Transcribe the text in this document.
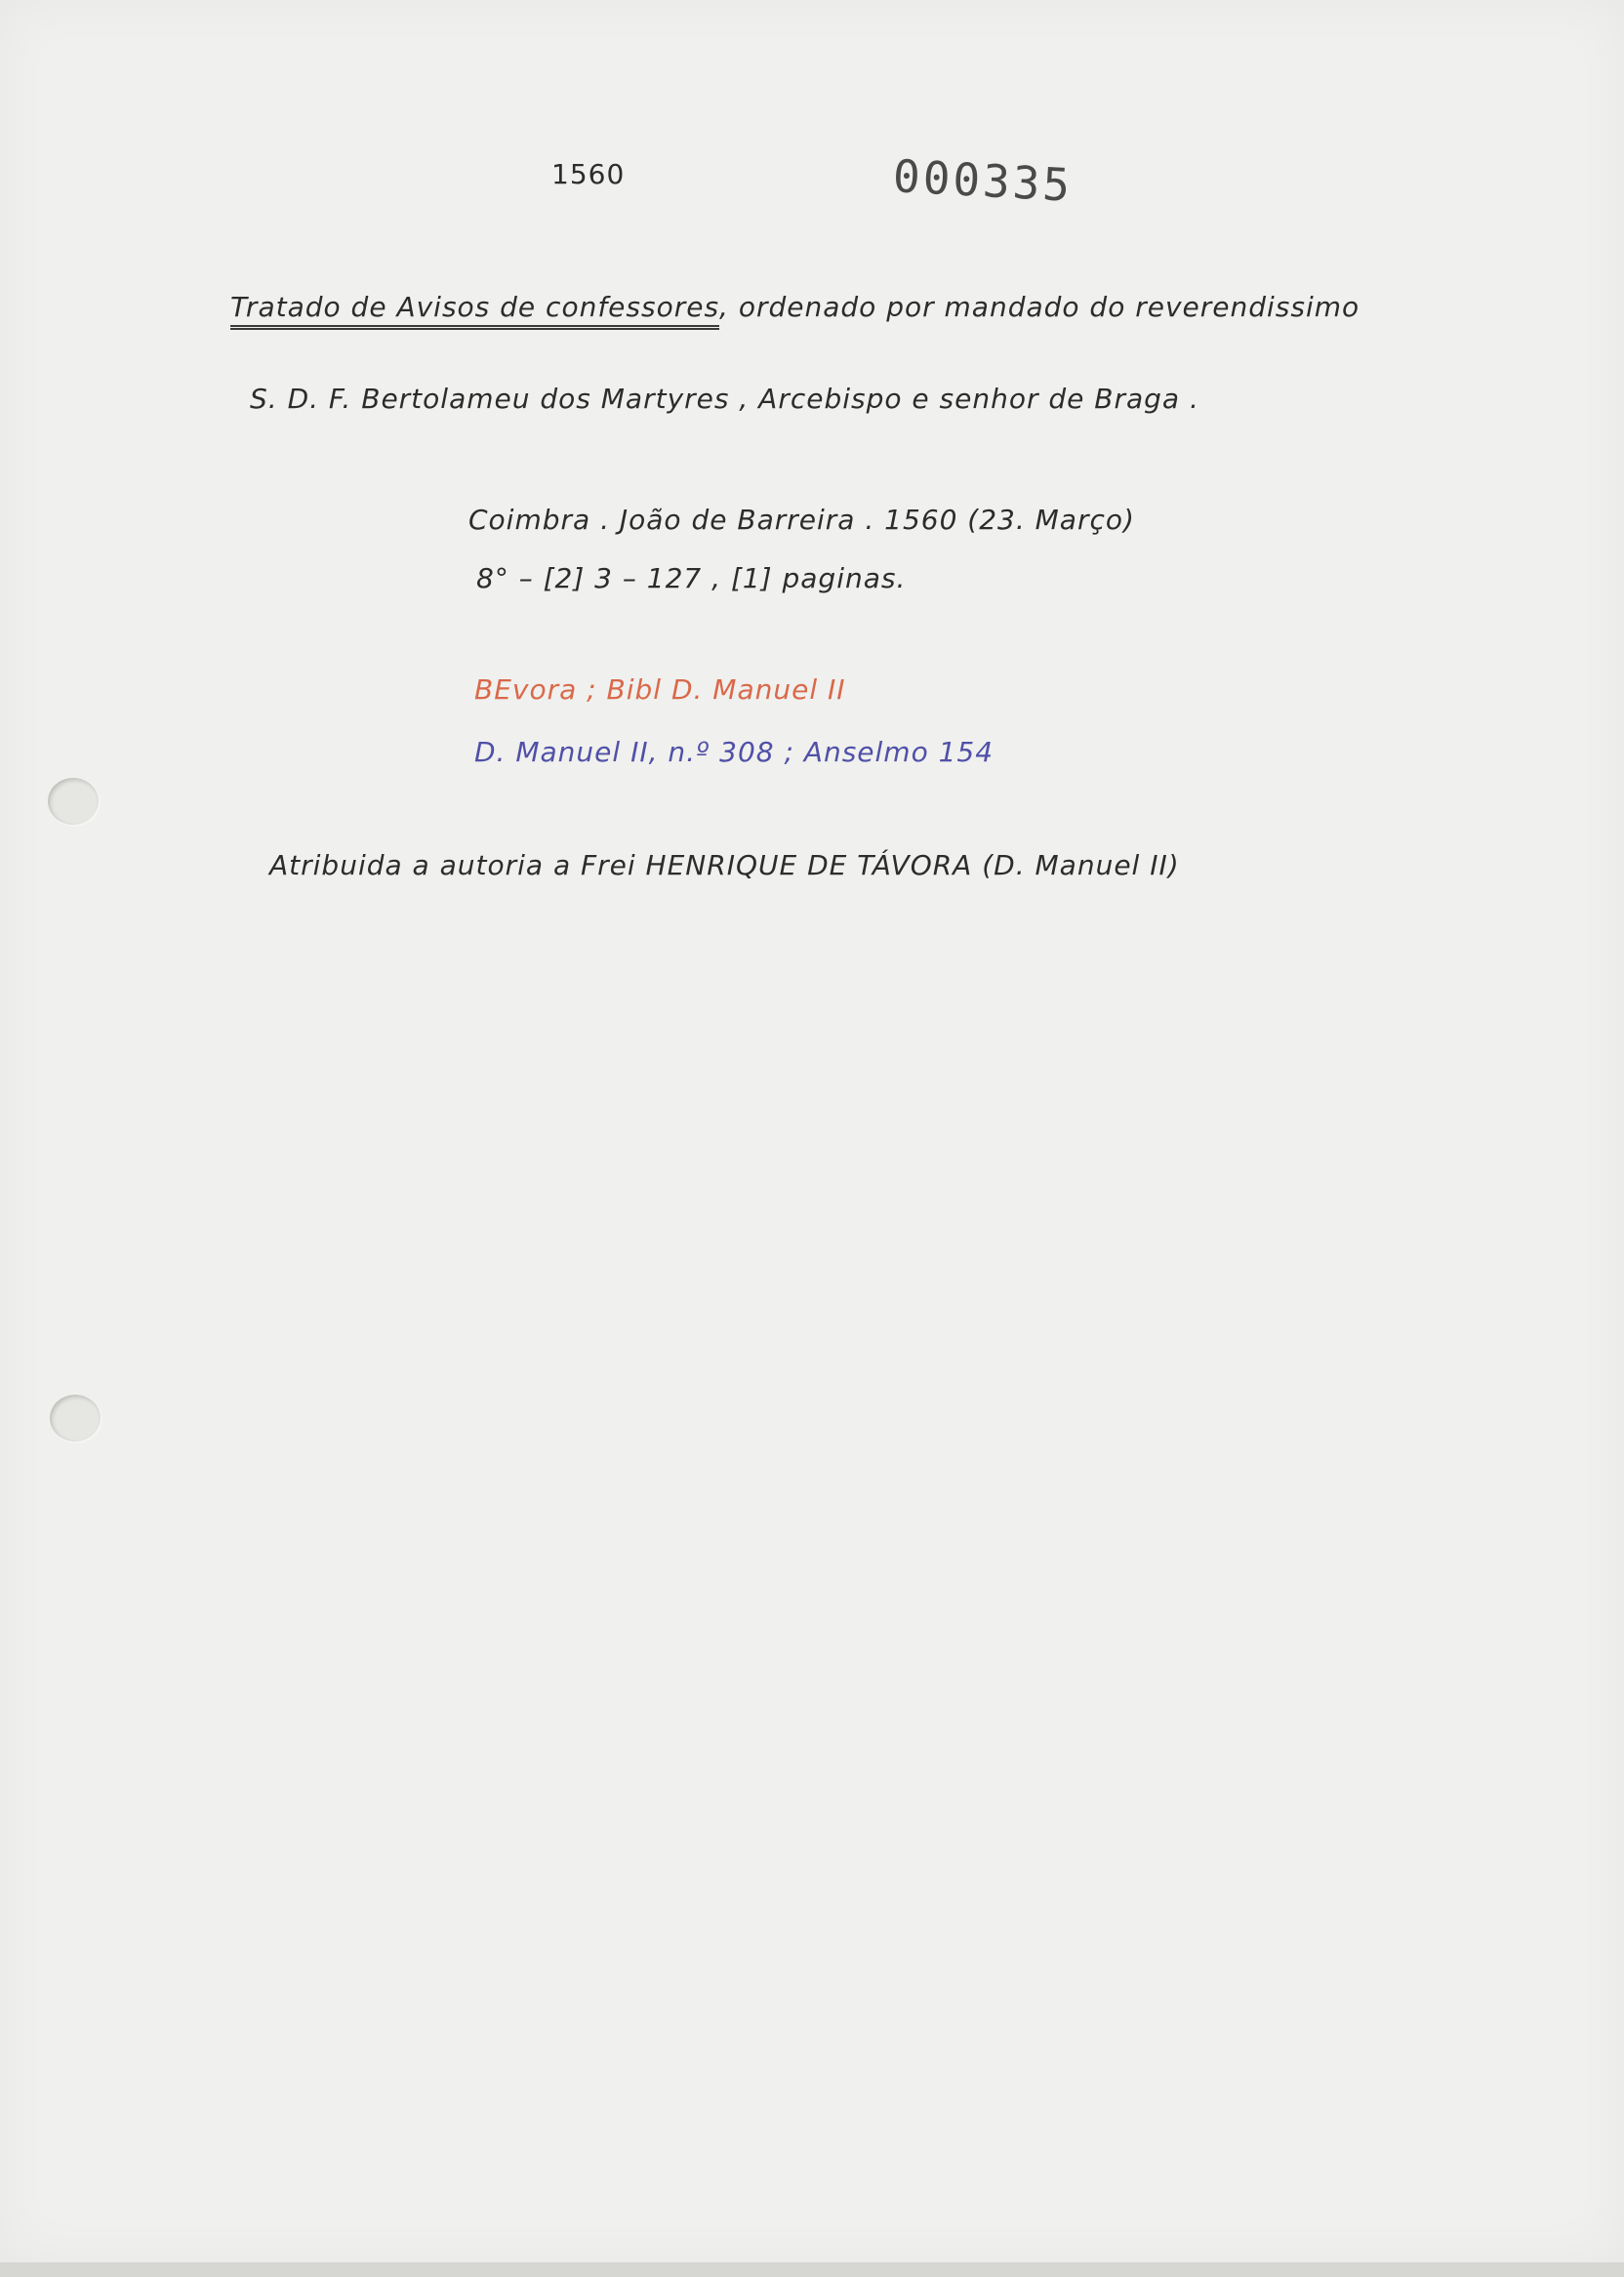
000335

1560

Tratado de Avisos de confessores, ordenado por mandado do reverendissimo

S. D. F. Bertolameu dos Martyres , Arcebispo e senhor de Braga .

Coimbra . João de Barreira . 1560 (23. Março)

8° – [2] 3 – 127 , [1] paginas.

BEvora ; Bibl D. Manuel II

D. Manuel II, n.º 308 ; Anselmo 154

Atribuida a autoria a Frei HENRIQUE DE TÁVORA (D. Manuel II)
